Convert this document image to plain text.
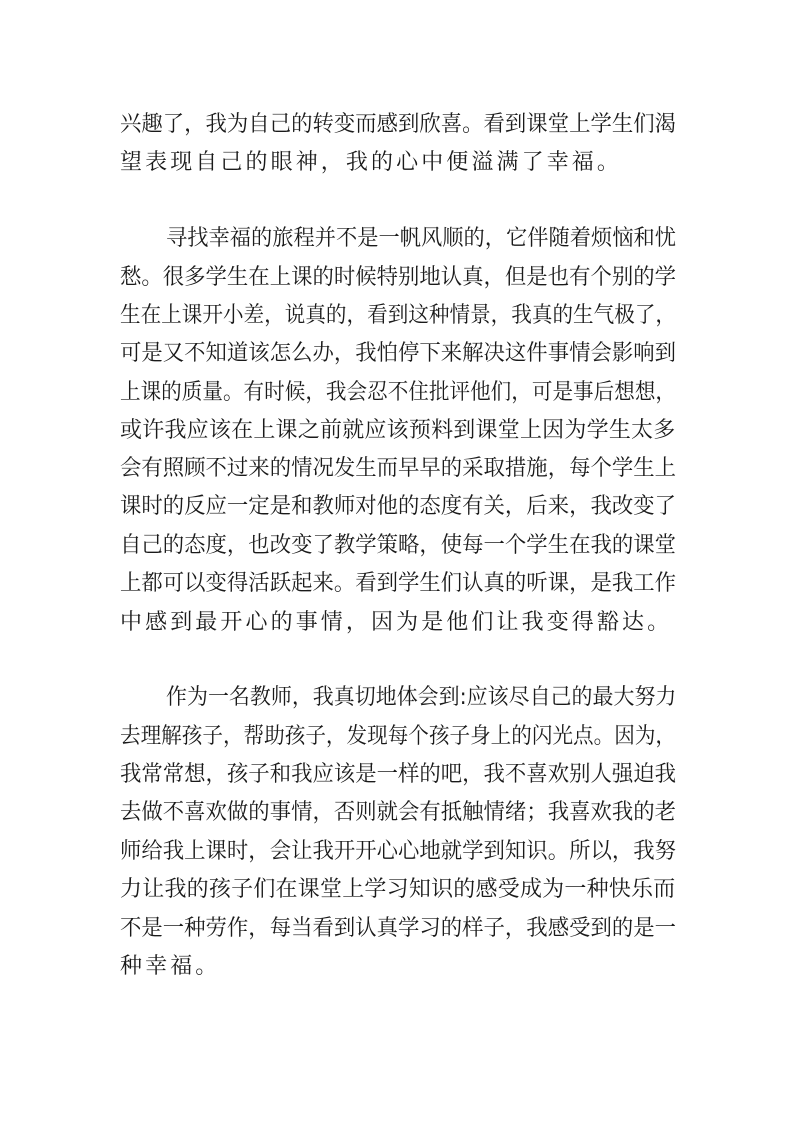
兴趣了，我为自己的转变而感到欣喜。看到课堂上学生们渴
望表现自己的眼神，我的心中便溢满了幸福。
寻找幸福的旅程并不是一帆风顺的，它伴随着烦恼和忧
愁。很多学生在上课的时候特别地认真，但是也有个别的学
生在上课开小差，说真的，看到这种情景，我真的生气极了，
可是又不知道该怎么办，我怕停下来解决这件事情会影响到
上课的质量。有时候，我会忍不住批评他们，可是事后想想，
或许我应该在上课之前就应该预料到课堂上因为学生太多
会有照顾不过来的情况发生而早早的采取措施，每个学生上
课时的反应一定是和教师对他的态度有关，后来，我改变了
自己的态度，也改变了教学策略，使每一个学生在我的课堂
上都可以变得活跃起来。看到学生们认真的听课，是我工作
中感到最开心的事情，因为是他们让我变得豁达。
作为一名教师，我真切地体会到:应该尽自己的最大努力
去理解孩子，帮助孩子，发现每个孩子身上的闪光点。因为，
我常常想，孩子和我应该是一样的吧，我不喜欢别人强迫我
去做不喜欢做的事情，否则就会有抵触情绪；我喜欢我的老
师给我上课时，会让我开开心心地就学到知识。所以，我努
力让我的孩子们在课堂上学习知识的感受成为一种快乐而
不是一种劳作，每当看到认真学习的样子，我感受到的是一
种幸福。
